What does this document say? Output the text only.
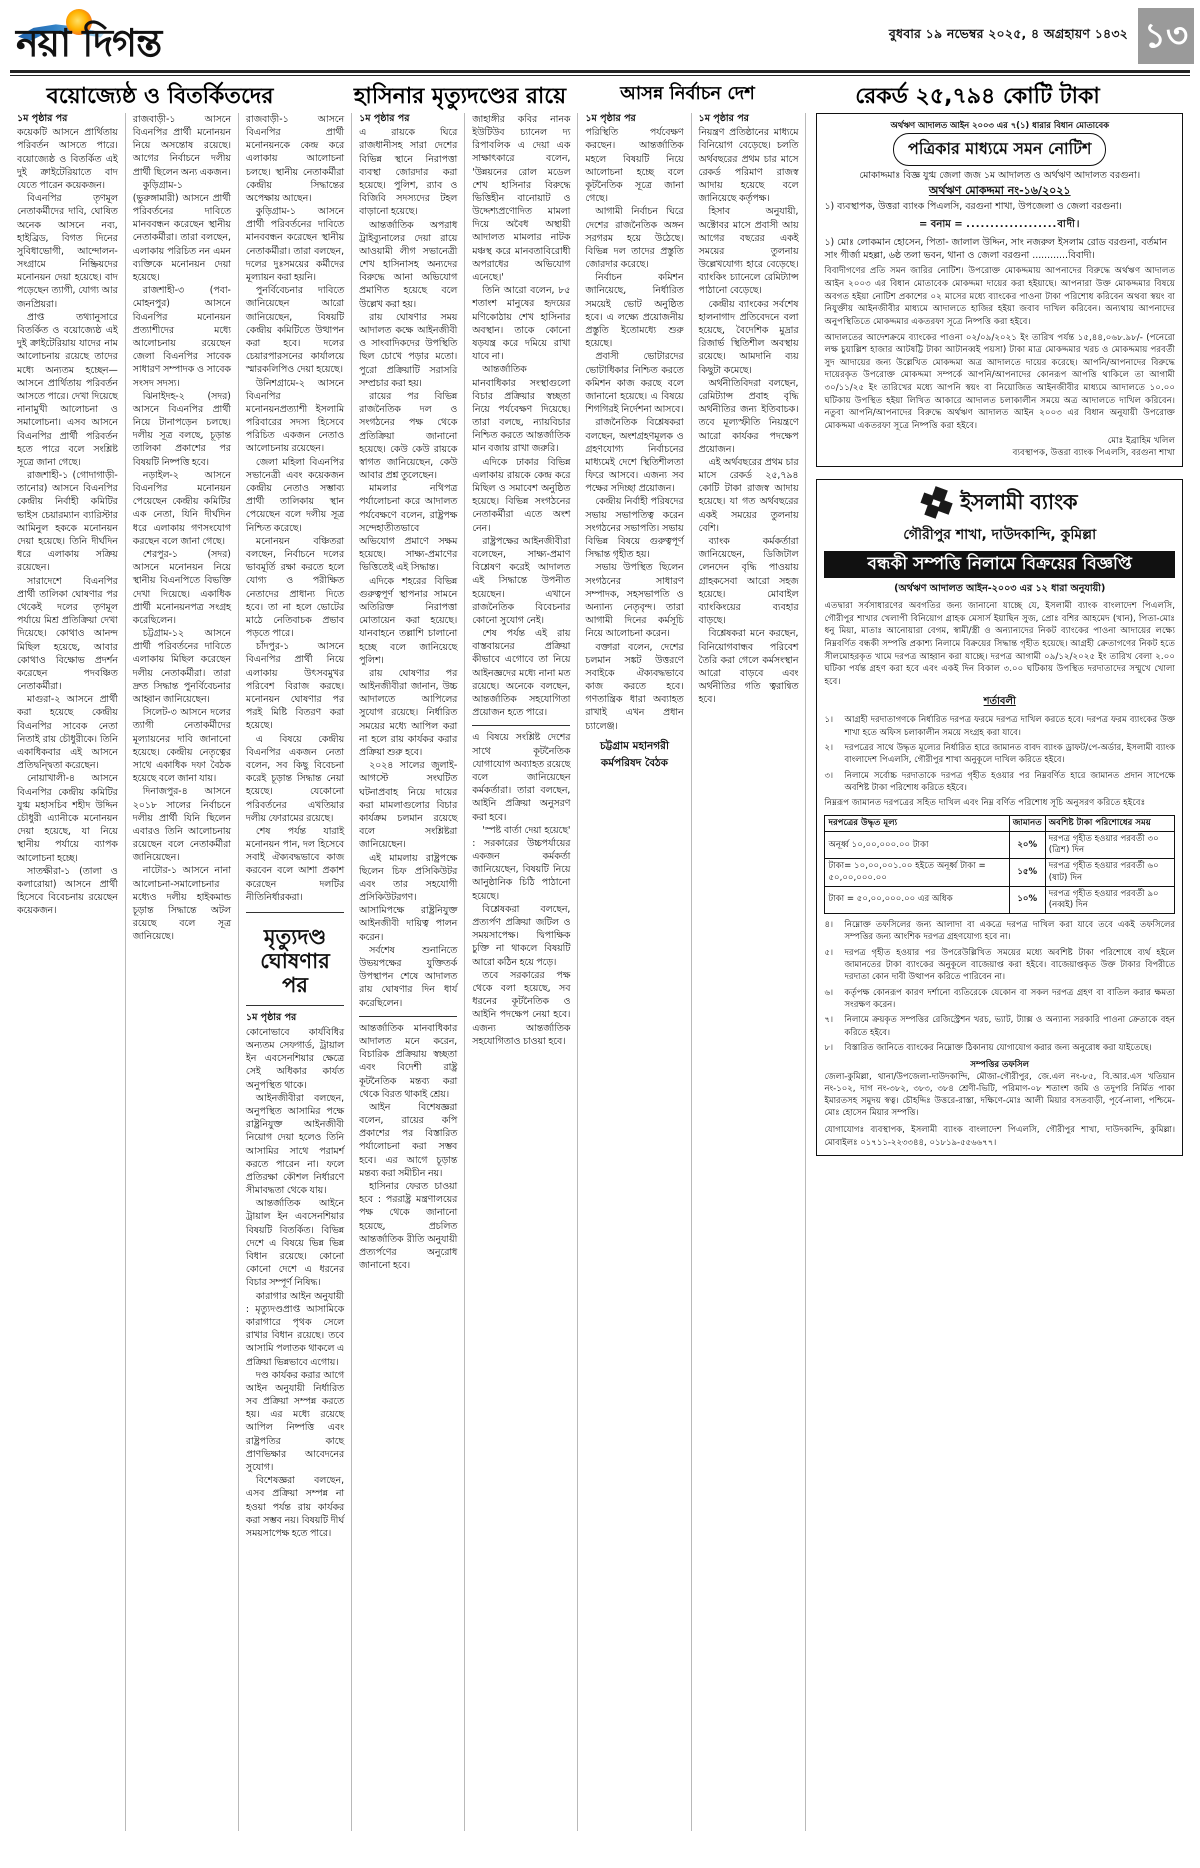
নয়া দিগন্ত	বুধবার ১৯ নভেম্বর ২০২৫, ৪ অগ্রহায়ণ ১৪৩২ ১৩
বয়োজ্যেষ্ঠ ও বিতর্কিতদের	হাসিনার মৃত্যুদণ্ডের রায়ে	আসন্ন নির্বাচন দেশ	রেকর্ড ২৫,৭৯৪ কোটি টাকা
১ম পৃষ্ঠার পর

কয়েকটি আসনে প্রার্থিতায় পরিবর্তন আসতে পারে। বয়োজ্যেষ্ঠ ও বিতর্কিত এই দুই ক্রাইটেরিয়াতে বাদ যেতে পারেন কয়েকজন।

বিএনপির তৃণমূল নেতাকর্মীদের দাবি, ঘোষিত অনেক আসনে নব্য, হাইব্রিড, বিগত দিনের সুবিধাভোগী, আন্দোলন-সংগ্রামে নিষ্ক্রিয়দের মনোনয়ন দেয়া হয়েছে। বাদ পড়েছেন ত্যাগী, যোগ্য আর জনপ্রিয়রা।

প্রাপ্ত তথ্যানুসারে বিতর্কিত ও বয়োজ্যেষ্ঠ এই দুই ক্রাইটেরিয়ায় যাদের নাম আলোচনায় রয়েছে তাদের মধ্যে অন্যতম হচ্ছেন— আসনে প্রার্থিতায় পরিবর্তন আসতে পারে। দেখা দিয়েছে নানামুখী আলোচনা ও সমালোচনা। এসব আসনে বিএনপির প্রার্থী পরিবর্তন হতে পারে বলে সংশ্লিষ্ট সূত্রে জানা গেছে।

রাজশাহী-১ (গোদাগাড়ী-তানোর) আসনে বিএনপির কেন্দ্রীয় নির্বাহী কমিটির ভাইস চেয়ারম্যান ব্যারিস্টার আমিনুল হককে মনোনয়ন দেয়া হয়েছে। তিনি দীর্ঘদিন ধরে এলাকায় সক্রিয় রয়েছেন।

সারাদেশে বিএনপির প্রার্থী তালিকা ঘোষণার পর থেকেই দলের তৃণমূল পর্যায়ে মিশ্র প্রতিক্রিয়া দেখা দিয়েছে। কোথাও আনন্দ মিছিল হয়েছে, আবার কোথাও বিক্ষোভ প্রদর্শন করেছেন পদবঞ্চিত নেতাকর্মীরা।

মাগুরা-২ আসনে প্রার্থী করা হয়েছে কেন্দ্রীয় বিএনপির সাবেক নেতা নিতাই রায় চৌধুরীকে। তিনি একাধিকবার এই আসনে প্রতিদ্বন্দ্বিতা করেছেন।

নোয়াখালী-৪ আসনে বিএনপির কেন্দ্রীয় কমিটির যুগ্ম মহাসচিব শহীদ উদ্দিন চৌধুরী এ্যানীকে মনোনয়ন দেয়া হয়েছে, যা নিয়ে স্থানীয় পর্যায়ে ব্যাপক আলোচনা হচ্ছে।

সাতক্ষীরা-১ (তালা ও কলারোয়া) আসনে প্রার্থী হিসেবে বিবেচনায় রয়েছেন কয়েকজন।

রাজবাড়ী-১ আসনে বিএনপির প্রার্থী মনোনয়ন নিয়ে অসন্তোষ রয়েছে। আগের নির্বাচনে দলীয় প্রার্থী ছিলেন অন্য একজন।

কুড়িগ্রাম-১ (ভুরুঙ্গামারী) আসনে প্রার্থী পরিবর্তনের দাবিতে মানববন্ধন করেছেন স্থানীয় নেতাকর্মীরা। তারা বলছেন, এলাকায় পরিচিত নন এমন ব্যক্তিকে মনোনয়ন দেয়া হয়েছে।

রাজশাহী-৩ (পবা-মোহনপুর) আসনে বিএনপির মনোনয়ন প্রত্যাশীদের মধ্যে আলোচনায় রয়েছেন জেলা বিএনপির সাবেক সাধারণ সম্পাদক ও সাবেক সংসদ সদস্য।

ঝিনাইদহ-২ (সদর) আসনে বিএনপির প্রার্থী নিয়ে টানাপড়েন চলছে। দলীয় সূত্র বলছে, চূড়ান্ত তালিকা প্রকাশের পর বিষয়টি নিষ্পত্তি হবে।

নড়াইল-২ আসনে বিএনপির মনোনয়ন পেয়েছেন কেন্দ্রীয় কমিটির এক নেতা, যিনি দীর্ঘদিন ধরে এলাকায় গণসংযোগ করছেন বলে জানা গেছে।

শেরপুর-১ (সদর) আসনে মনোনয়ন নিয়ে স্থানীয় বিএনপিতে বিভক্তি দেখা দিয়েছে। একাধিক প্রার্থী মনোনয়নপত্র সংগ্রহ করেছিলেন।

চট্টগ্রাম-১২ আসনে প্রার্থী পরিবর্তনের দাবিতে এলাকায় মিছিল করেছেন দলীয় নেতাকর্মীরা। তারা দ্রুত সিদ্ধান্ত পুনর্বিবেচনার আহ্বান জানিয়েছেন।

সিলেট-৩ আসনে দলের ত্যাগী নেতাকর্মীদের মূল্যায়নের দাবি জানানো হয়েছে। কেন্দ্রীয় নেতৃত্বের সাথে একাধিক দফা বৈঠক হয়েছে বলে জানা যায়।

দিনাজপুর-৪ আসনে ২০১৮ সালের নির্বাচনে দলীয় প্রার্থী যিনি ছিলেন এবারও তিনি আলোচনায় রয়েছেন বলে নেতাকর্মীরা জানিয়েছেন।

নাটোর-১ আসনে নানা আলোচনা-সমালোচনার মধ্যেও দলীয় হাইকমান্ড চূড়ান্ত সিদ্ধান্তে অটল রয়েছে বলে সূত্র জানিয়েছে।

রাজবাড়ী-১ আসনে বিএনপির প্রার্থী মনোনয়নকে কেন্দ্র করে এলাকায় আলোচনা চলছে। স্থানীয় নেতাকর্মীরা কেন্দ্রীয় সিদ্ধান্তের অপেক্ষায় আছেন।

কুড়িগ্রাম-১ আসনে প্রার্থী পরিবর্তনের দাবিতে মানববন্ধন করেছেন স্থানীয় নেতাকর্মীরা। তারা বলছেন, দলের দুঃসময়ের কর্মীদের মূল্যায়ন করা হয়নি।

পুনর্বিবেচনার দাবিতে জানিয়েছেন আরো জানিয়েছেন, বিষয়টি কেন্দ্রীয় কমিটিতে উত্থাপন করা হবে। দলের চেয়ারপারসনের কার্যালয়ে স্মারকলিপিও দেয়া হয়েছে।

উনিশগ্রামে-২ আসনে বিএনপির মনোনয়নপ্রত্যাশী ইসলামি পরিবারের সদস্য হিসেবে পরিচিত একজন নেতাও আলোচনায় রয়েছেন।

জেলা মহিলা বিএনপির সভানেত্রী এবং কয়েকজন কেন্দ্রীয় নেতাও সম্ভাব্য প্রার্থী তালিকায় স্থান পেয়েছেন বলে দলীয় সূত্র নিশ্চিত করেছে।

মনোনয়ন বঞ্চিতরা বলছেন, নির্বাচনে দলের ভাবমূর্তি রক্ষা করতে হলে যোগ্য ও পরীক্ষিত নেতাদের প্রাধান্য দিতে হবে। তা না হলে ভোটের মাঠে নেতিবাচক প্রভাব পড়তে পারে।

চাঁদপুর-১ আসনে বিএনপির প্রার্থী নিয়ে এলাকায় উৎসবমুখর পরিবেশ বিরাজ করছে। মনোনয়ন ঘোষণার পর পরই মিষ্টি বিতরণ করা হয়েছে।

এ বিষয়ে কেন্দ্রীয় বিএনপির একজন নেতা বলেন, সব কিছু বিবেচনা করেই চূড়ান্ত সিদ্ধান্ত নেয়া হয়েছে। যেকোনো পরিবর্তনের এখতিয়ার দলীয় ফোরামের রয়েছে।

শেষ পর্যন্ত যারাই মনোনয়ন পান, দল হিসেবে সবাই ঐক্যবদ্ধভাবে কাজ করবেন বলে আশা প্রকাশ করেছেন দলটির নীতিনির্ধারকরা।

মৃত্যুদণ্ড ঘোষণার পর
১ম পৃষ্ঠার পর

কোনোভাবে কার্যবিধির অন্যতম সেফগার্ড, ট্রায়াল ইন এবসেনশিয়ার ক্ষেত্রে সেই অধিকার কার্যত অনুপস্থিত থাকে।

আইনজীবীরা বলছেন, অনুপস্থিত আসামির পক্ষে রাষ্ট্রনিযুক্ত আইনজীবী নিয়োগ দেয়া হলেও তিনি আসামির সাথে পরামর্শ করতে পারেন না। ফলে প্রতিরক্ষা কৌশল নির্ধারণে সীমাবদ্ধতা থেকে যায়।

আন্তর্জাতিক আইনে ট্রায়াল ইন এবসেনশিয়ার বিষয়টি বিতর্কিত। বিভিন্ন দেশে এ বিষয়ে ভিন্ন ভিন্ন বিধান রয়েছে। কোনো কোনো দেশে এ ধরনের বিচার সম্পূর্ণ নিষিদ্ধ।

কারাগার আইন অনুযায়ী : মৃত্যুদণ্ডপ্রাপ্ত আসামিকে কারাগারে পৃথক সেলে রাখার বিধান রয়েছে। তবে আসামি পলাতক থাকলে এ প্রক্রিয়া ভিন্নভাবে এগোয়।

দণ্ড কার্যকর করার আগে আইন অনুযায়ী নির্ধারিত সব প্রক্রিয়া সম্পন্ন করতে হয়। এর মধ্যে রয়েছে আপিল নিষ্পত্তি এবং রাষ্ট্রপতির কাছে প্রাণভিক্ষার আবেদনের সুযোগ।

বিশেষজ্ঞরা বলছেন, এসব প্রক্রিয়া সম্পন্ন না হওয়া পর্যন্ত রায় কার্যকর করা সম্ভব নয়। বিষয়টি দীর্ঘ সময়সাপেক্ষ হতে পারে।

১ম পৃষ্ঠার পর

এ রায়কে ঘিরে রাজধানীসহ সারা দেশের বিভিন্ন স্থানে নিরাপত্তা ব্যবস্থা জোরদার করা হয়েছে। পুলিশ, র‌্যাব ও বিজিবি সদস্যদের টহল বাড়ানো হয়েছে।

আন্তর্জাতিক অপরাধ ট্রাইব্যুনালের দেয়া রায়ে আওয়ামী লীগ সভানেত্রী শেখ হাসিনাসহ অন্যদের বিরুদ্ধে আনা অভিযোগ প্রমাণিত হয়েছে বলে উল্লেখ করা হয়।

রায় ঘোষণার সময় আদালত কক্ষে আইনজীবী ও সাংবাদিকদের উপস্থিতি ছিল চোখে পড়ার মতো। পুরো প্রক্রিয়াটি সরাসরি সম্প্রচার করা হয়।

রায়ের পর বিভিন্ন রাজনৈতিক দল ও সংগঠনের পক্ষ থেকে প্রতিক্রিয়া জানানো হয়েছে। কেউ কেউ রায়কে স্বাগত জানিয়েছেন, কেউ আবার প্রশ্ন তুলেছেন।

মামলার নথিপত্র পর্যালোচনা করে আদালত পর্যবেক্ষণে বলেন, রাষ্ট্রপক্ষ সন্দেহাতীতভাবে অভিযোগ প্রমাণে সক্ষম হয়েছে। সাক্ষ্য-প্রমাণের ভিত্তিতেই এই সিদ্ধান্ত।

এদিকে শহরের বিভিন্ন গুরুত্বপূর্ণ স্থাপনার সামনে অতিরিক্ত নিরাপত্তা মোতায়েন করা হয়েছে। যানবাহনে তল্লাশি চালানো হচ্ছে বলে জানিয়েছে পুলিশ।

রায় ঘোষণার পর আইনজীবীরা জানান, উচ্চ আদালতে আপিলের সুযোগ রয়েছে। নির্ধারিত সময়ের মধ্যে আপিল করা না হলে রায় কার্যকর করার প্রক্রিয়া শুরু হবে।

২০২৪ সালের জুলাই-আগস্টে সংঘটিত ঘটনাপ্রবাহ নিয়ে দায়ের করা মামলাগুলোর বিচার কার্যক্রম চলমান রয়েছে বলে সংশ্লিষ্টরা জানিয়েছেন।

এই মামলায় রাষ্ট্রপক্ষে ছিলেন চিফ প্রসিকিউটর এবং তার সহযোগী প্রসিকিউটরগণ। আসামিপক্ষে রাষ্ট্রনিযুক্ত আইনজীবী দায়িত্ব পালন করেন।

সর্বশেষ শুনানিতে উভয়পক্ষের যুক্তিতর্ক উপস্থাপন শেষে আদালত রায় ঘোষণার দিন ধার্য করেছিলেন।

আন্তর্জাতিক মানবাধিকার আদালত মনে করেন, বিচারিক প্রক্রিয়ায় স্বচ্ছতা এবং বিদেশী রাষ্ট্র কূটনৈতিক মন্তব্য করা থেকে বিরত থাকাই শ্রেয়।

আইন বিশেষজ্ঞরা বলেন, রায়ের কপি প্রকাশের পর বিস্তারিত পর্যালোচনা করা সম্ভব হবে। এর আগে চূড়ান্ত মন্তব্য করা সমীচীন নয়।

হাসিনার ফেরত চাওয়া হবে : পররাষ্ট্র মন্ত্রণালয়ের পক্ষ থেকে জানানো হয়েছে, প্রচলিত আন্তর্জাতিক রীতি অনুযায়ী প্রত্যর্পণের অনুরোধ জানানো হবে।

জাহাঙ্গীর কবির নানক ইউটিউব চ্যানেল দ্য রিপাবলিক এ দেয়া এক সাক্ষাৎকারে বলেন, 'উন্নয়নের রোল মডেল শেখ হাসিনার বিরুদ্ধে ভিত্তিহীন বানোয়াট ও উদ্দেশ্যপ্রণোদিত মামলা দিয়ে অবৈধ অস্থায়ী আদালত মামলার নাটক মঞ্চস্থ করে মানবতাবিরোধী অপরাধের অভিযোগ এনেছে।'

তিনি আরো বলেন, ৮৫ শতাংশ মানুষের হৃদয়ের মণিকোঠায় শেখ হাসিনার অবস্থান। তাকে কোনো ষড়যন্ত্র করে দমিয়ে রাখা যাবে না।

আন্তর্জাতিক মানবাধিকার সংস্থাগুলো বিচার প্রক্রিয়ার স্বচ্ছতা নিয়ে পর্যবেক্ষণ দিয়েছে। তারা বলছে, ন্যায়বিচার নিশ্চিত করতে আন্তর্জাতিক মান বজায় রাখা জরুরি।

এদিকে ঢাকার বিভিন্ন এলাকায় রায়কে কেন্দ্র করে মিছিল ও সমাবেশ অনুষ্ঠিত হয়েছে। বিভিন্ন সংগঠনের নেতাকর্মীরা এতে অংশ নেন।

রাষ্ট্রপক্ষের আইনজীবীরা বলেছেন, সাক্ষ্য-প্রমাণ বিশ্লেষণ করেই আদালত এই সিদ্ধান্তে উপনীত হয়েছেন। এখানে রাজনৈতিক বিবেচনার কোনো সুযোগ নেই।

শেষ পর্যন্ত এই রায় বাস্তবায়নের প্রক্রিয়া কীভাবে এগোবে তা নিয়ে আইনজ্ঞদের মধ্যে নানা মত রয়েছে। অনেকে বলছেন, আন্তর্জাতিক সহযোগিতা প্রয়োজন হতে পারে।

এ বিষয়ে সংশ্লিষ্ট দেশের সাথে কূটনৈতিক যোগাযোগ অব্যাহত রয়েছে বলে জানিয়েছেন কর্মকর্তারা। তারা বলছেন, আইনি প্রক্রিয়া অনুসরণ করা হবে।

'স্পষ্ট বার্তা দেয়া হয়েছে' : সরকারের উচ্চপর্যায়ের একজন কর্মকর্তা জানিয়েছেন, বিষয়টি নিয়ে আনুষ্ঠানিক চিঠি পাঠানো হয়েছে।

বিশ্লেষকরা বলছেন, প্রত্যর্পণ প্রক্রিয়া জটিল ও সময়সাপেক্ষ। দ্বিপাক্ষিক চুক্তি না থাকলে বিষয়টি আরো কঠিন হয়ে পড়ে।

তবে সরকারের পক্ষ থেকে বলা হয়েছে, সব ধরনের কূটনৈতিক ও আইনি পদক্ষেপ নেয়া হবে। এজন্য আন্তর্জাতিক সহযোগিতাও চাওয়া হবে।

১ম পৃষ্ঠার পর

পরিস্থিতি পর্যবেক্ষণ করছেন। আন্তর্জাতিক মহলে বিষয়টি নিয়ে আলোচনা হচ্ছে বলে কূটনৈতিক সূত্রে জানা গেছে।

আগামী নির্বাচন ঘিরে দেশের রাজনৈতিক অঙ্গন সরগরম হয়ে উঠেছে। বিভিন্ন দল তাদের প্রস্তুতি জোরদার করেছে।

নির্বাচন কমিশন জানিয়েছে, নির্ধারিত সময়েই ভোট অনুষ্ঠিত হবে। এ লক্ষ্যে প্রয়োজনীয় প্রস্তুতি ইতোমধ্যে শুরু হয়েছে।

প্রবাসী ভোটারদের ভোটাধিকার নিশ্চিত করতে কমিশন কাজ করছে বলে জানানো হয়েছে। এ বিষয়ে শিগগিরই নির্দেশনা আসবে।

রাজনৈতিক বিশ্লেষকরা বলছেন, অংশগ্রহণমূলক ও গ্রহণযোগ্য নির্বাচনের মাধ্যমেই দেশে স্থিতিশীলতা ফিরে আসবে। এজন্য সব পক্ষের সদিচ্ছা প্রয়োজন।

কেন্দ্রীয় নির্বাহী পরিষদের সভায় সভাপতিত্ব করেন সংগঠনের সভাপতি। সভায় বিভিন্ন বিষয়ে গুরুত্বপূর্ণ সিদ্ধান্ত গৃহীত হয়।

সভায় উপস্থিত ছিলেন সংগঠনের সাধারণ সম্পাদক, সহসভাপতি ও অন্যান্য নেতৃবৃন্দ। তারা আগামী দিনের কর্মসূচি নিয়ে আলোচনা করেন।

বক্তারা বলেন, দেশের চলমান সঙ্কট উত্তরণে সবাইকে ঐক্যবদ্ধভাবে কাজ করতে হবে। গণতান্ত্রিক ধারা অব্যাহত রাখাই এখন প্রধান চ্যালেঞ্জ।

চট্টগ্রাম মহানগরী কর্মপরিষদ বৈঠক
১ম পৃষ্ঠার পর

নিয়ন্ত্রণ প্রতিষ্ঠানের মাধ্যমে বিনিয়োগ বেড়েছে। চলতি অর্থবছরের প্রথম চার মাসে রেকর্ড পরিমাণ রাজস্ব আদায় হয়েছে বলে জানিয়েছে কর্তৃপক্ষ।

হিসাব অনুযায়ী, অক্টোবর মাসে প্রবাসী আয় আগের বছরের একই সময়ের তুলনায় উল্লেখযোগ্য হারে বেড়েছে। ব্যাংকিং চ্যানেলে রেমিট্যান্স পাঠানো বেড়েছে।

কেন্দ্রীয় ব্যাংকের সর্বশেষ হালনাগাদ প্রতিবেদনে বলা হয়েছে, বৈদেশিক মুদ্রার রিজার্ভ স্থিতিশীল অবস্থায় রয়েছে। আমদানি ব্যয় কিছুটা কমেছে।

অর্থনীতিবিদরা বলছেন, রেমিট্যান্স প্রবাহ বৃদ্ধি অর্থনীতির জন্য ইতিবাচক। তবে মূল্যস্ফীতি নিয়ন্ত্রণে আরো কার্যকর পদক্ষেপ প্রয়োজন।

এই অর্থবছরের প্রথম চার মাসে রেকর্ড ২৫,৭৯৪ কোটি টাকা রাজস্ব আদায় হয়েছে। যা গত অর্থবছরের একই সময়ের তুলনায় বেশি।

ব্যাংক কর্মকর্তারা জানিয়েছেন, ডিজিটাল লেনদেন বৃদ্ধি পাওয়ায় গ্রাহকসেবা আরো সহজ হয়েছে। মোবাইল ব্যাংকিংয়ের ব্যবহার বাড়ছে।

বিশ্লেষকরা মনে করছেন, বিনিয়োগবান্ধব পরিবেশ তৈরি করা গেলে কর্মসংস্থান আরো বাড়বে এবং অর্থনীতির গতি ত্বরান্বিত হবে।

অর্থঋণ আদালত আইন ২০০৩ এর ৭(১) ধারার বিধান মোতাবেক
পত্রিকার মাধ্যমে সমন নোটিশ
মোকাদ্দমাঃ বিজ্ঞ যুগ্ম জেলা জজ ১ম আদালত ও অর্থঋণ আদালত বরগুনা।
অর্থঋণ মোকদ্দমা নং-১৬/২০২১
১) ব্যবস্থাপক, উত্তরা ব্যাংক পিএলসি, বরগুনা শাখা, উপজেলা ও জেলা বরগুনা।
= বনাম = ...................বাদী।
১) মোঃ লোকমান হোসেন, পিতা- জালাল উদ্দিন, সাং নজরুল ইসলাম রোড বরগুনা, বর্তমান সাং গীর্জা মহল্লা, ৬ষ্ঠ তলা ভবন, থানা ও জেলা বরগুনা ............বিবাদী।
বিবাদীগণের প্রতি সমন জারির নোটিশ। উপরোক্ত মোকদ্দমায় আপনাদের বিরুদ্ধে অর্থঋণ আদালত আইন ২০০৩ এর বিধান মোতাবেক মোকদ্দমা দায়ের করা হইয়াছে। আপনারা উক্ত মোকদ্দমার বিষয়ে অবগত হইয়া নোটিশ প্রকাশের ০২ মাসের মধ্যে ব্যাংকের পাওনা টাকা পরিশোধ করিবেন অথবা স্বয়ং বা নিযুক্তীয় আইনজীবীর মাধ্যমে আদালতে হাজির হইয়া জবাব দাখিল করিবেন। অন্যথায় আপনাদের অনুপস্থিতিতে মোকদ্দমার একতরফা সূত্রে নিষ্পত্তি করা হইবে।
আদালতের আদেশক্রমে ব্যাংকের পাওনা ০২/০৯/২০২১ ইং তারিখ পর্যন্ত ১৫,৪৪,০৬৮.৯৮/- (পনেরো লক্ষ চুয়াল্লিশ হাজার আটষট্টি টাকা আটানব্বই পয়সা) টাকা মাত্র মোকদ্দমার খরচ ও মোকদ্দমায় পরবর্তী সুদ আদায়ের জন্য উল্লেখিত মোকদ্দমা অত্র আদালতে দায়ের করেছে। আপনি/আপনাদের বিরুদ্ধে দায়েরকৃত উপরোক্ত মোকদ্দমা সম্পর্কে আপনি/আপনাদের কোনরূপ আপত্তি থাকিলে তা আগামী ৩০/১১/২৫ ইং তারিখের মধ্যে আপনি স্বয়ং বা নিয়োজিত আইনজীবীর মাধ্যমে আদালতে ১০.০০ ঘটিকায় উপস্থিত হইয়া লিখিত আকারে আদালত চলাকালীন সময়ে অত্র আদালতে দাখিল করিবেন। নতুবা আপনি/আপনাদের বিরুদ্ধে অর্থঋণ আদালত আইন ২০০৩ এর বিধান অনুযায়ী উপরোক্ত মোকদ্দমা একতরফা সূত্রে নিষ্পত্তি করা হইবে।
মোঃ ইব্রাহিম খলিল
ব্যবস্থাপক, উত্তরা ব্যাংক পিএলসি, বরগুনা শাখা
ইসলামী ব্যাংক
গৌরীপুর শাখা, দাউদকান্দি, কুমিল্লা
বন্ধকী সম্পত্তি নিলামে বিক্রয়ের বিজ্ঞপ্তি
(অর্থঋণ আদালত আইন-২০০৩ এর ১২ ধারা অনুযায়ী)
এতদ্বারা সর্বসাধারণের অবগতির জন্য জানানো যাচ্ছে যে, ইসলামী ব্যাংক বাংলাদেশ পিএলসি, গৌরীপুর শাখার খেলাপী বিনিয়োগ গ্রাহক মেসার্স ইয়াছিন সুজ, প্রোঃ বশির আহমেদ (খান), পিতা-মোঃ ধনু মিয়া, মাতাঃ আনোয়ারা বেগম, স্বামী/স্ত্রী ও অন্যান্যদের নিকট ব্যাংকের পাওনা আদায়ের লক্ষ্যে নিম্নবর্ণিত বন্ধকী সম্পত্তি প্রকাশ্য নিলামে বিক্রয়ের সিদ্ধান্ত গৃহীত হয়েছে। আগ্রহী ক্রেতাগণের নিকট হতে সীলমোহরকৃত খামে দরপত্র আহ্বান করা যাচ্ছে। দরপত্র আগামী ০৯/১২/২০২৫ ইং তারিখ বেলা ২.০০ ঘটিকা পর্যন্ত গ্রহণ করা হবে এবং একই দিন বিকাল ৩.০০ ঘটিকায় উপস্থিত দরদাতাদের সম্মুখে খোলা হবে।
শর্তাবলী
১।	আগ্রহী দরদাতাগণকে নির্ধারিত দরপত্র ফরমে দরপত্র দাখিল করতে হবে। দরপত্র ফরম ব্যাংকের উক্ত শাখা হতে অফিস চলাকালীন সময়ে সংগ্রহ করা যাবে।
২।	দরপত্রের সাথে উদ্ধৃত মূল্যের নির্ধারিত হারে জামানত বাবদ ব্যাংক ড্রাফট/পে-অর্ডার, ইসলামী ব্যাংক বাংলাদেশ পিএলসি, গৌরীপুর শাখা অনুকূলে দাখিল করিতে হইবে।
৩।	নিলামে সর্বোচ্চ দরদাতাকে দরপত্র গৃহীত হওয়ার পর নিম্নবর্ণিত হারে জামানত প্রদান সাপেক্ষে অবশিষ্ট টাকা পরিশোধ করিতে হইবে।
নিম্নরূপ জামানত দরপত্রের সহিত দাখিল এবং নিম্ন বর্ণিত পরিশোধ সূচি অনুসরণ করিতে হইবেঃ
দরপত্রের উদ্ধৃত মূল্য	জামানত	অবশিষ্ট টাকা পরিশোধের সময়
অনূর্ধ্ব ১০,০০,০০০.০০ টাকা	২০%	দরপত্র গৃহীত হওয়ার পরবর্তী ৩০ (ত্রিশ) দিন
টাকা= ১০,০০,০০১.০০ হইতে অনূর্ধ্ব টাকা = ৫০,০০,০০০.০০	১৫%	দরপত্র গৃহীত হওয়ার পরবর্তী ৬০ (ষাট) দিন
টাকা = ৫০,০০,০০০.০০ এর অধিক	১০%	দরপত্র গৃহীত হওয়ার পরবর্তী ৯০ (নব্বই) দিন
৪।	নিম্নোক্ত তফসিলের জন্য আলাদা বা একত্রে দরপত্র দাখিল করা যাবে তবে একই তফসিলের সম্পত্তির জন্য আংশিক দরপত্র গ্রহণযোগ্য হবে না।
৫।	দরপত্র গৃহীত হওয়ার পর উপরেউল্লিখিত সময়ের মধ্যে অবশিষ্ট টাকা পরিশোধে ব্যর্থ হইলে জামানতের টাকা ব্যাংকের অনুকূলে বাজেয়াপ্ত করা হইবে। বাজেয়াপ্তকৃত উক্ত টাকার বিপরীতে দরদাতা কোন দাবী উত্থাপন করিতে পারিবেন না।
৬।	কর্তৃপক্ষ কোনরূপ কারণ দর্শানো ব্যতিরেকে যেকোন বা সকল দরপত্র গ্রহণ বা বাতিল করার ক্ষমতা সংরক্ষণ করেন।
৭।	নিলামে ক্রয়কৃত সম্পত্তির রেজিস্ট্রেশন খরচ, ভ্যাট, ট্যাক্স ও অন্যান্য সরকারি পাওনা ক্রেতাকে বহন করিতে হইবে।
৮।	বিস্তারিত জানিতে ব্যাংকের নিম্নোক্ত ঠিকানায় যোগাযোগ করার জন্য অনুরোধ করা যাইতেছে।
সম্পত্তির তফসিল
জেলা-কুমিল্লা, থানা/উপজেলা-দাউদকান্দি, মৌজা-গৌরীপুর, জে.এল নং-৮৫, বি.আর.এস খতিয়ান নং-১০২, দাগ নং-৩৮২, ৩৮৩, ৩৮৪ শ্রেণী-ভিটি, পরিমাণ-০৮ শতাংশ জমি ও তদুপরি নির্মিত পাকা ইমারতসহ সমুদয় স্বত্ব। চৌহদ্দিঃ উত্তরে-রাস্তা, দক্ষিণে-মোঃ আলী মিয়ার বসতবাড়ী, পূর্বে-নালা, পশ্চিমে-মোঃ হোসেন মিয়ার সম্পত্তি।
যোগাযোগঃ ব্যবস্থাপক, ইসলামী ব্যাংক বাংলাদেশ পিএলসি, গৌরীপুর শাখা, দাউদকান্দি, কুমিল্লা। মোবাইলঃ ০১৭১১-২২৩৩৪৪, ০১৮১৯-৫৫৬৬৭৭।
